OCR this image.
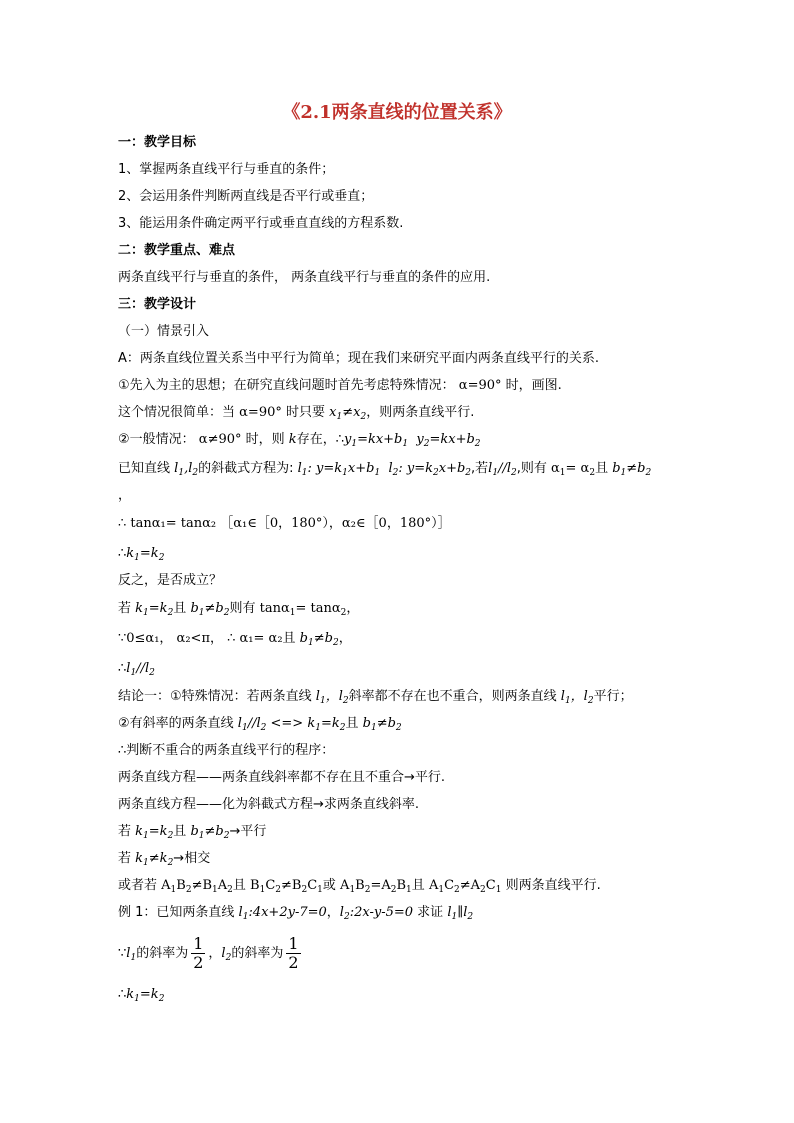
《2.1两条直线的位置关系》
一：教学目标
1、掌握两条直线平行与垂直的条件；
2、会运用条件判断两直线是否平行或垂直；
3、能运用条件确定两平行或垂直直线的方程系数.
二：教学重点、难点
两条直线平行与垂直的条件， 两条直线平行与垂直的条件的应用.
三：教学设计
（一）情景引入
A：两条直线位置关系当中平行为简单；现在我们来研究平面内两条直线平行的关系.
①先入为主的思想；在研究直线问题时首先考虑特殊情况： α=90° 时，画图.
这个情况很简单：当 α=90° 时只要 $x_1\ne x_2$，则两条直线平行.
②一般情况： α≠90° 时，则 k存在，$\therefore y_1=kx+b_1$  $y_2=kx+b_2$
已知直线 $l_1,l_2$的斜截式方程为: $l_1$: $y=k_1x+b_1$  $l_2$: $y=k_2x+b_2$,若$l_1//l_2$,则有 $\alpha_1= \alpha_2$且 $b_1\ne b_2$
，
∴ tanα₁= tanα₂ ［α₁∈［0，180°），α₂∈［0，180°）］
$\therefore k_1=k_2$
反之，是否成立？
若 $k_1=k_2$且 $b_1\ne b_2$则有 tanα$_1$= tanα$_2$，
∵0≤α₁， α₂<π， ∴ α₁= α₂且 $b_1\ne b_2$，
$\therefore l_1//l_2$
结论一：①特殊情况：若两条直线 $l_1$，$l_2$斜率都不存在也不重合，则两条直线 $l_1$，$l_2$平行；
②有斜率的两条直线 $l_1//l_2$ <=> $k_1=k_2$且 $b_1\ne b_2$
∴判断不重合的两条直线平行的程序：
两条直线方程——两条直线斜率都不存在且不重合→平行.
两条直线方程——化为斜截式方程→求两条直线斜率.
若 $k_1=k_2$且 $b_1\ne b_2\to$平行
若 $k_1\ne k_2\to$相交
或者若 $A_1B_2\ne B_1A_2$且 $B_1C_2\ne B_2C_1$或 $A_1B_2=A_2B_1$且 $A_1C_2\ne A_2C_1$ 则两条直线平行.
例 1：已知两条直线 $l_1:4x+2y-7=0$，$l_2:2x-y-5=0$ 求证 $l_1\parallel l_2$
$\because l_1$的斜率为 $\frac{1}{2}$ ，$l_2$的斜率为 $\frac{1}{2}$
$\therefore k_1=k_2$
